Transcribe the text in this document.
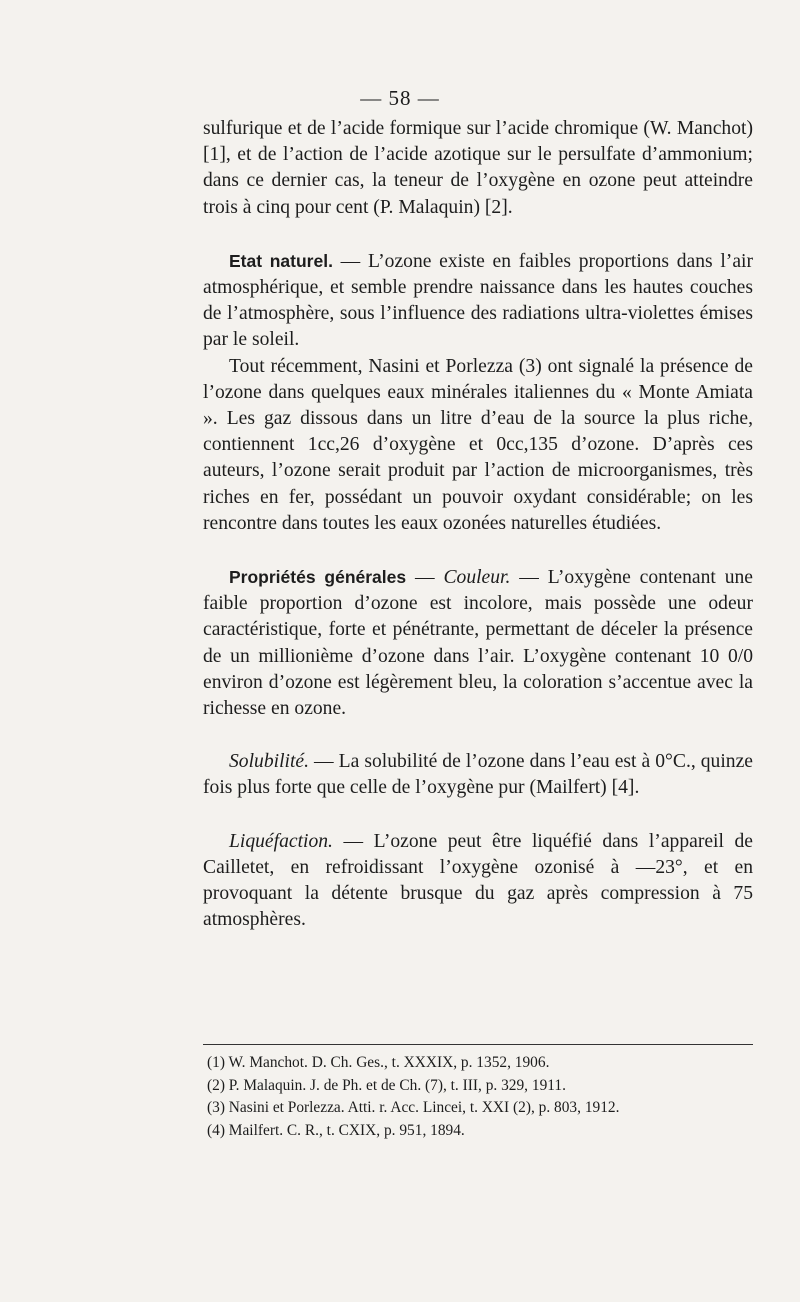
— 58 —

sulfurique et de l’acide formique sur l’acide chromique (W. Manchot) [1], et de l’action de l’acide azotique sur le persulfate d’ammonium; dans ce dernier cas, la teneur de l’oxygène en ozone peut atteindre trois à cinq pour cent (P. Malaquin) [2].

Etat naturel. — L’ozone existe en faibles proportions dans l’air atmosphérique, et semble prendre naissance dans les hautes couches de l’atmosphère, sous l’influence des radiations ultra-violettes émises par le soleil.

Tout récemment, Nasini et Porlezza (3) ont signalé la présence de l’ozone dans quelques eaux minérales italiennes du « Monte Amiata ». Les gaz dissous dans un litre d’eau de la source la plus riche, contiennent 1cc,26 d’oxygène et 0cc,135 d’ozone. D’après ces auteurs, l’ozone serait produit par l’action de microorganismes, très riches en fer, possédant un pouvoir oxydant considérable; on les rencontre dans toutes les eaux ozonées naturelles étudiées.

Propriétés générales — Couleur. — L’oxygène contenant une faible proportion d’ozone est incolore, mais possède une odeur caractéristique, forte et pénétrante, permettant de déceler la présence de un millionième d’ozone dans l’air. L’oxygène contenant 10 0/0 environ d’ozone est légèrement bleu, la coloration s’accentue avec la richesse en ozone.

Solubilité. — La solubilité de l’ozone dans l’eau est à 0°C., quinze fois plus forte que celle de l’oxygène pur (Mailfert) [4].

Liquéfaction. — L’ozone peut être liquéfié dans l’appareil de Cailletet, en refroidissant l’oxygène ozonisé à —23°, et en provoquant la détente brusque du gaz après compression à 75 atmosphères.

(1) W. Manchot. D. Ch. Ges., t. XXXIX, p. 1352, 1906.
(2) P. Malaquin. J. de Ph. et de Ch. (7), t. III, p. 329, 1911.
(3) Nasini et Porlezza. Atti. r. Acc. Lincei, t. XXI (2), p. 803, 1912.
(4) Mailfert. C. R., t. CXIX, p. 951, 1894.
